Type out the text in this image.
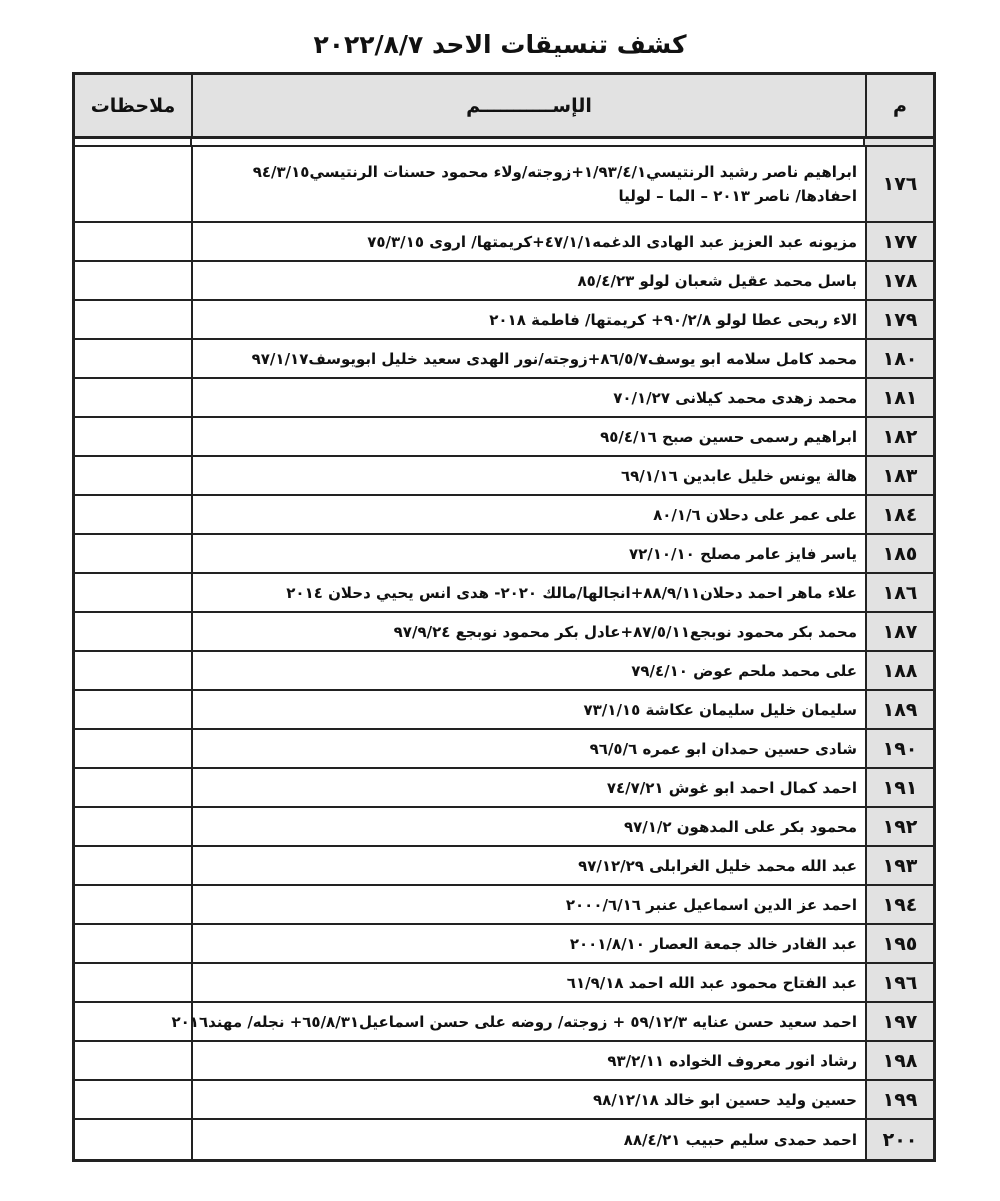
كشف تنسيقات الاحد ٢٠٢٢/٨/٧
م
الإســـــــــــم
ملاحظات
١٧٦
ابراهيم ناصر رشيد الرنتيسي١/٩٣/٤/١+زوجته/ولاء محمود حسنات الرنتيسي٩٤/٣/١٥
احفادها/ ناصر ٢٠١٣ – الما – لوليا
١٧٧
مزيونه عبد العزيز عبد الهادى الدغمه٤٧/١/١+كريمتها/ اروى ٧٥/٣/١٥
١٧٨
باسل محمد عقيل شعبان لولو ٨٥/٤/٢٣
١٧٩
الاء ربحى عطا لولو ٩٠/٢/٨+ كريمتها/ فاطمة ٢٠١٨
١٨٠
محمد كامل سلامه ابو يوسف٨٦/٥/٧+زوجته/نور الهدى سعيد خليل ابويوسف٩٧/١/١٧
١٨١
محمد زهدى محمد كيلانى ٧٠/١/٢٧
١٨٢
ابراهيم رسمى حسين صبح ٩٥/٤/١٦
١٨٣
هالة يونس خليل عابدين ٦٩/١/١٦
١٨٤
على عمر على دحلان ٨٠/١/٦
١٨٥
ياسر فايز عامر مصلح ٧٢/١٠/١٠
١٨٦
علاء ماهر احمد دحلان٨٨/٩/١١+انجالها/مالك ٢٠٢٠- هدى انس يحيي دحلان ٢٠١٤
١٨٧
محمد بكر محمود نوبجع٨٧/٥/١١+عادل بكر محمود نوبجع ٩٧/٩/٢٤
١٨٨
على محمد ملحم عوض ٧٩/٤/١٠
١٨٩
سليمان خليل سليمان عكاشة ٧٣/١/١٥
١٩٠
شادى حسين حمدان ابو عمره ٩٦/٥/٦
١٩١
احمد كمال احمد ابو غوش ٧٤/٧/٢١
١٩٢
محمود بكر على المدهون ٩٧/١/٢
١٩٣
عبد الله محمد خليل الغرابلى ٩٧/١٢/٢٩
١٩٤
احمد عز الدين اسماعيل عنبر ٢٠٠٠/٦/١٦
١٩٥
عبد القادر خالد جمعة العصار ٢٠٠١/٨/١٠
١٩٦
عبد الفتاح محمود عبد الله احمد ٦١/٩/١٨
١٩٧
احمد سعيد حسن عنايه ٥٩/١٢/٣ + زوجته/ روضه على حسن اسماعيل٦٥/٨/٣١+ نجله/ مهند٢٠١٦
١٩٨
رشاد انور معروف الخواده ٩٣/٢/١١
١٩٩
حسين وليد حسين ابو خالد ٩٨/١٢/١٨
٢٠٠
احمد حمدى سليم حبيب ٨٨/٤/٢١
